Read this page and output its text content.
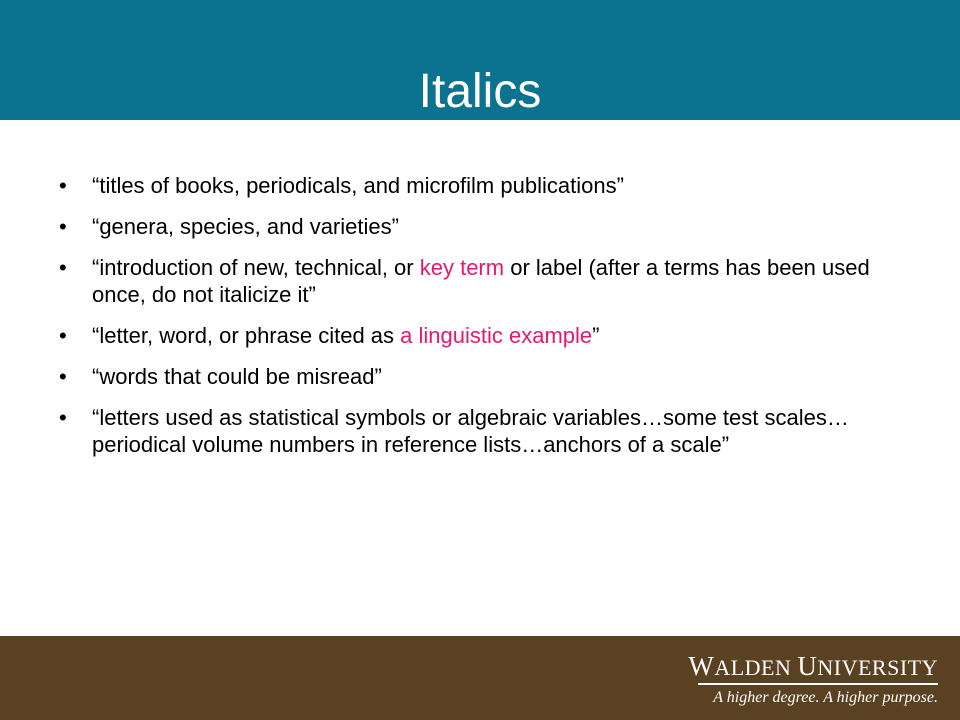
Italics
• “titles of books, periodicals, and microfilm publications”
• “genera, species, and varieties”
• “introduction of new, technical, or key term or label (after a terms has been used once, do not italicize it”
• “letter, word, or phrase cited as a linguistic example”
• “words that could be misread”
• “letters used as statistical symbols or algebraic variables…some test scales…periodical volume numbers in reference lists…anchors of a scale”
WALDEN UNIVERSITY
A higher degree. A higher purpose.
